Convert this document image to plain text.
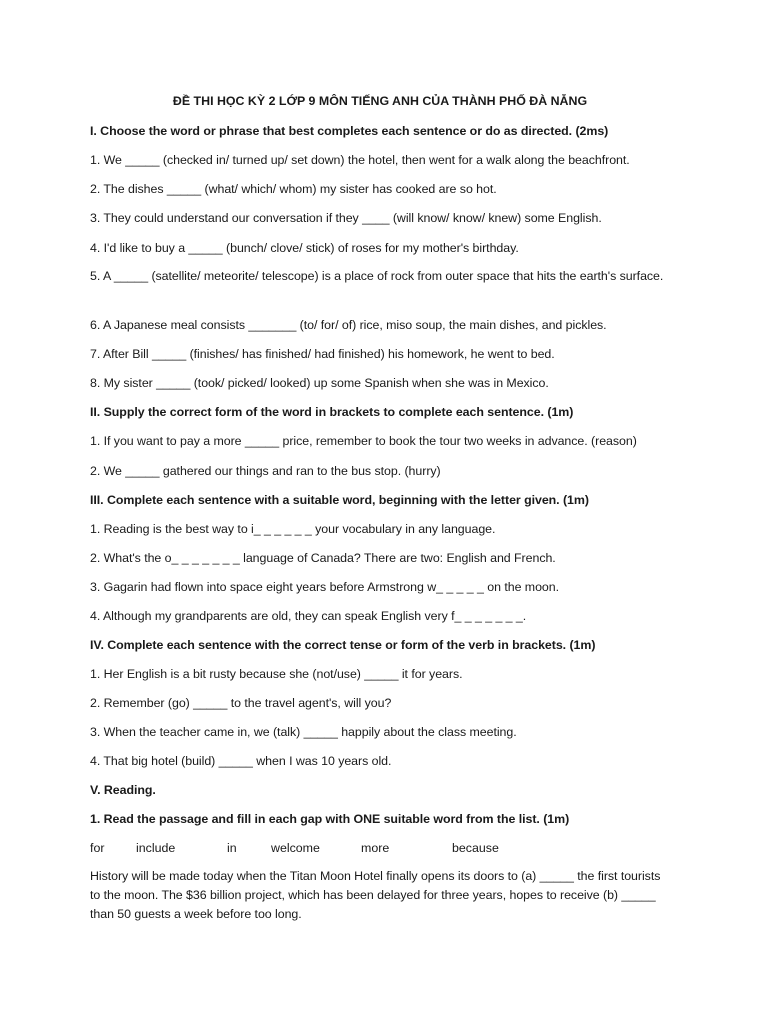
ĐỀ THI HỌC KỲ 2 LỚP 9 MÔN TIẾNG ANH CỦA THÀNH PHỐ ĐÀ NẴNG
I. Choose the word or phrase that best completes each sentence or do as directed. (2ms)
1. We _____ (checked in/ turned up/ set down) the hotel, then went for a walk along the beachfront.
2. The dishes _____ (what/ which/ whom) my sister has cooked are so hot.
3. They could understand our conversation if they ____ (will know/ know/ knew) some English.
4. I'd like to buy a _____ (bunch/ clove/ stick) of roses for my mother's birthday.
5. A _____ (satellite/ meteorite/ telescope) is a place of rock from outer space that hits the earth's surface.
6. A Japanese meal consists _______ (to/ for/ of) rice, miso soup, the main dishes, and pickles.
7. After Bill _____ (finishes/ has finished/ had finished) his homework, he went to bed.
8. My sister _____ (took/ picked/ looked) up some Spanish when she was in Mexico.
II. Supply the correct form of the word in brackets to complete each sentence. (1m)
1. If you want to pay a more _____ price, remember to book the tour two weeks in advance. (reason)
2. We _____ gathered our things and ran to the bus stop. (hurry)
III. Complete each sentence with a suitable word, beginning with the letter given. (1m)
1. Reading is the best way to i_ _ _ _ _ _ your vocabulary in any language.
2. What's the o_ _ _ _ _ _ _ language of Canada? There are two: English and French.
3. Gagarin had flown into space eight years before Armstrong w_ _ _ _ _ on the moon.
4. Although my grandparents are old, they can speak English very f_ _ _ _ _ _ _.
IV. Complete each sentence with the correct tense or form of the verb in brackets. (1m)
1. Her English is a bit rusty because she (not/use) _____ it for years.
2. Remember (go) _____ to the travel agent's, will you?
3. When the teacher came in, we (talk) _____ happily about the class meeting.
4. That big hotel (build) _____ when I was 10 years old.
V. Reading.
1. Read the passage and fill in each gap with ONE suitable word from the list. (1m)
for	include	in	welcome	more	because
History will be made today when the Titan Moon Hotel finally opens its doors to (a) _____ the first tourists to the moon. The $36 billion project, which has been delayed for three years, hopes to receive (b) _____ than 50 guests a week before too long.
